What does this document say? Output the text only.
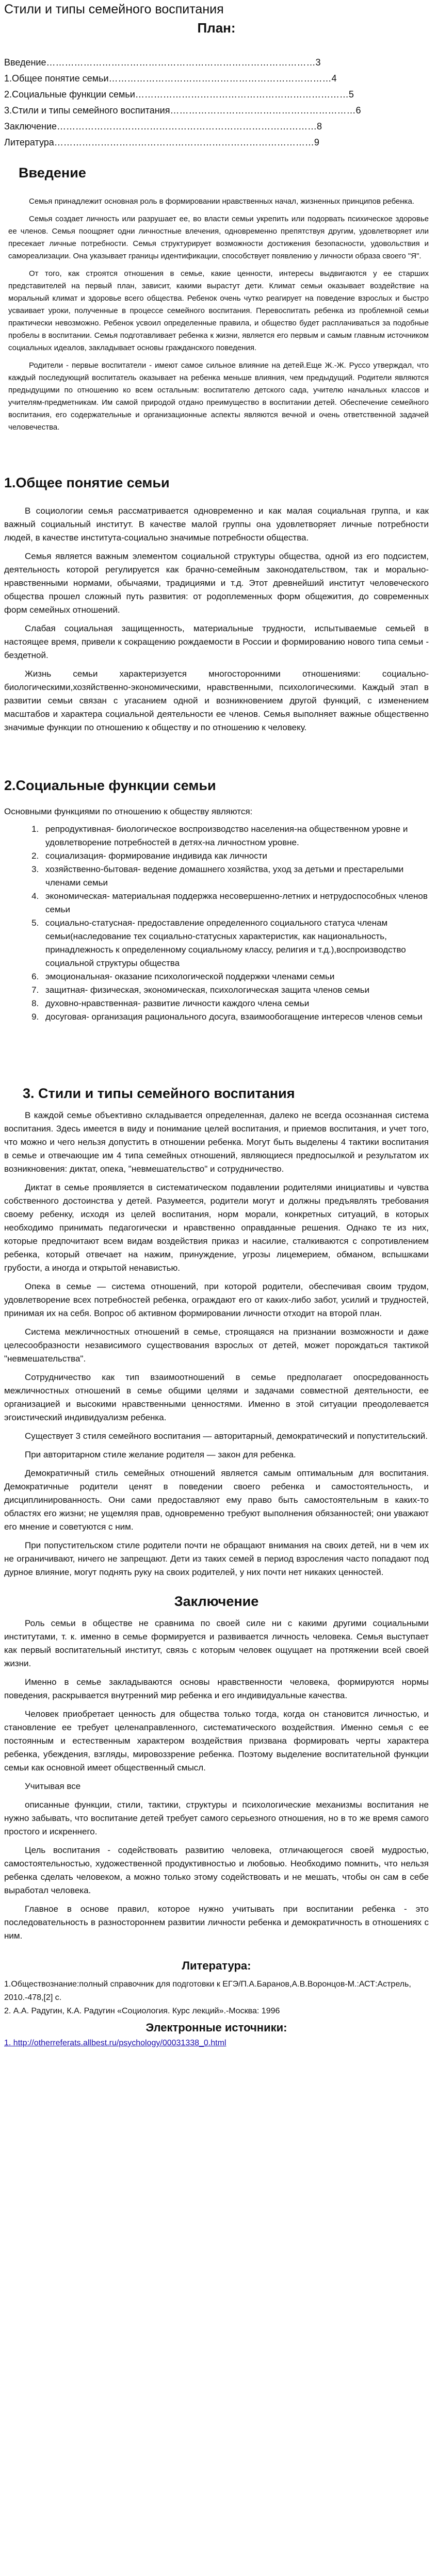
Стили и типы семейного воспитания
План:
Введение …………………………………………………………………………… 3
1.Общее понятие семьи ……………………………………………………………… 4
2.Социальные функции семьи …………………………………………………………… 5
3.Стили и типы семейного воспитания …………………………………………………… 6
Заключение ………………………………………………………………………… 8
Литература ………………………………………………………………………… 9
Введение

Семья принадлежит основная роль в формировании нравственных начал, жизненных принципов ребенка.

Семья создает личность или разрушает ее, во власти семьи укрепить или подорвать психическое здоровье ее членов. Семья поощряет одни личностные влечения, одновременно препятствуя другим, удовлетворяет или пресекает личные потребности. Семья структурирует возможности достижения безопасности, удовольствия и самореализации. Она указывает границы идентификации, способствует появлению у личности образа своего "Я".

От того, как строятся отношения в семье, какие ценности, интересы выдвигаются у ее старших представителей на первый план, зависит, какими вырастут дети. Климат семьи оказывает воздействие на моральный климат и здоровье всего общества. Ребенок очень чутко реагирует на поведение взрослых и быстро усваивает уроки, полученные в процессе семейного воспитания. Перевоспитать ребенка из проблемной семьи практически невозможно. Ребенок усвоил определенные правила, и общество будет расплачиваться за подобные пробелы в воспитании. Семья подготавливает ребенка к жизни, является его первым и самым главным источником социальных идеалов, закладывает основы гражданского поведения.

Родители - первые воспитатели - имеют самое сильное влияние на детей.Еще Ж.-Ж. Руссо утверждал, что каждый последующий воспитатель оказывает на ребенка меньше влияния, чем предыдущий. Родители являются предыдущими по отношению ко всем остальным: воспитателю детского сада, учителю начальных классов и учителям-предметникам. Им самой природой отдано преимущество в воспитании детей. Обеспечение семейного воспитания, его содержательные и организационные аспекты являются вечной и очень ответственной задачей человечества.

1.Общее понятие семьи

В социологии семья рассматривается одновременно и как малая социальная группа, и как важный социальный институт. В качестве малой группы она удовлетворяет личные потребности людей, в качестве института-социально значимые потребности общества.

Семья является важным элементом социальной структуры общества, одной из его подсистем, деятельность которой регулируется как брачно-семейным законодательством, так и морально-нравственными нормами, обычаями, традициями и т.д. Этот древнейший институт человеческого общества прошел сложный путь развития: от родоплеменных форм общежития, до современных форм семейных отношений.

Слабая социальная защищенность, материальные трудности, испытываемые семьей в настоящее время, привели к сокращению рождаемости в России и формированию нового типа семьи - бездетной.

Жизнь семьи характеризуется многосторонними отношениями: социально-биологическими,хозяйственно-экономическими, нравственными, психологическими. Каждый этап в развитии семьи связан с угасанием одной и возникновением другой функций, с изменением масштабов и характера социальной деятельности ее членов. Семья выполняет важные общественно значимые функции по отношению к обществу и по отношению к человеку.

2.Социальные функции семьи

Основными функциями по отношению к обществу являются:

1. репродуктивная- биологическое воспроизводство населения-на общественном уровне и удовлетворение потребностей в детях-на личностном уровне.
2. социализация- формирование индивида как личности
3. хозяйственно-бытовая- ведение домашнего хозяйства, уход за детьми и престарелыми членами семьи
4. экономическая- материальная поддержка несовершенно-летних и нетрудоспособных членов семьи
5. социально-статусная- предоставление определенного социального статуса членам семьи(наследование тех социально-статусных характеристик, как национальность, принадлежность к определенному социальному классу, религия и т.д.),воспроизводство социальной структуры общества
6. эмоциональная- оказание психологической поддержки членами семьи
7. защитная- физическая, экономическая, психологическая защита членов семьи
8. духовно-нравственная- развитие личности каждого члена семьи
9. досуговая- организация рационального досуга, взаимообогащение интересов членов семьи
3. Стили и типы семейного воспитания

В каждой семье объективно складывается определенная, далеко не всегда осознанная система воспитания. Здесь имеется в виду и понимание целей воспитания, и приемов воспитания, и учет того, что можно и чего нельзя допустить в отношении ребенка. Могут быть выделены 4 тактики воспитания в семье и отвечающие им 4 типа семейных отношений, являющиеся предпосылкой и результатом их возникновения: диктат, опека, "невмешательство" и сотрудничество.

Диктат в семье проявляется в систематическом подавлении родителями инициативы и чувства собственного достоинства у детей. Разумеется, родители могут и должны предъявлять требования своему ребенку, исходя из целей воспитания, норм морали, конкретных ситуаций, в которых необходимо принимать педагогически и нравственно оправданные решения. Однако те из них, которые предпочитают всем видам воздействия приказ и насилие, сталкиваются с сопротивлением ребенка, который отвечает на нажим, принуждение, угрозы лицемерием, обманом, вспышками грубости, а иногда и открытой ненавистью.

Опека в семье — система отношений, при которой родители, обеспечивая своим трудом, удовлетворение всех потребностей ребенка, ограждают его от каких-либо забот, усилий и трудностей, принимая их на себя. Вопрос об активном формировании личности отходит на второй план.

Система межличностных отношений в семье, строящаяся на признании возможности и даже целесообразности независимого существования взрослых от детей, может порождаться тактикой "невмешательства".

Сотрудничество как тип взаимоотношений в семье предполагает опосредованность межличностных отношений в семье общими целями и задачами совместной деятельности, ее организацией и высокими нравственными ценностями. Именно в этой ситуации преодолевается эгоистический индивидуализм ребенка.

Существует 3 стиля семейного воспитания — авторитарный, демократический и попустительский.

При авторитарном стиле желание родителя — закон для ребенка.

Демократичный стиль семейных отношений является самым оптимальным для воспитания. Демократичные родители ценят в поведении своего ребенка и самостоятельность, и дисциплинированность. Они сами предоставляют ему право быть самостоятельным в каких-то областях его жизни; не ущемляя прав, одновременно требуют выполнения обязанностей; они уважают его мнение и советуются с ним.

При попустительском стиле родители почти не обращают внимания на своих детей, ни в чем их не ограничивают, ничего не запрещают. Дети из таких семей в период взросления часто попадают под дурное влияние, могут поднять руку на своих родителей, у них почти нет никаких ценностей.

Заключение

Роль семьи в обществе не сравнима по своей силе ни с какими другими социальными институтами, т. к. именно в семье формируется и развивается личность человека. Семья выступает как первый воспитательный институт, связь с которым человек ощущает на протяжении всей своей жизни.

Именно в семье закладываются основы нравственности человека, формируются нормы поведения, раскрывается внутренний мир ребенка и его индивидуальные качества.

Человек приобретает ценность для общества только тогда, когда он становится личностью, и становление ее требует целенаправленного, систематического воздействия. Именно семья с ее постоянным и естественным характером воздействия призвана формировать черты характера ребенка, убеждения, взгляды, мировоззрение ребенка. Поэтому выделение воспитательной функции семьи как основной имеет общественный смысл.

Учитывая все

описанные функции, стили, тактики, структуры и психологические механизмы воспитания не нужно забывать, что воспитание детей требует самого серьезного отношения, но в то же время самого простого и искреннего.

Цель воспитания - содействовать развитию человека, отличающегося своей мудростью, самостоятельностью, художественной продуктивностью и любовью. Необходимо помнить, что нельзя ребенка сделать человеком, а можно только этому содействовать и не мешать, чтобы он сам в себе выработал человека.

Главное в основе правил, которое нужно учитывать при воспитании ребенка - это последовательность в разностороннем развитии личности ребенка и демократичность в отношениях с ним.

Литература:
1.Обществознание:полный справочник для подготовки к ЕГЭ/П.А.Баранов,А.В.Воронцов-М.:АСТ:Астрель, 2010.-478,[2] с.
2. А.А. Радугин, К.А. Радугин «Социология. Курс лекций».-Москва: 1996
Электронные источники:
1. http://otherreferats.allbest.ru/psychology/00031338_0.html
